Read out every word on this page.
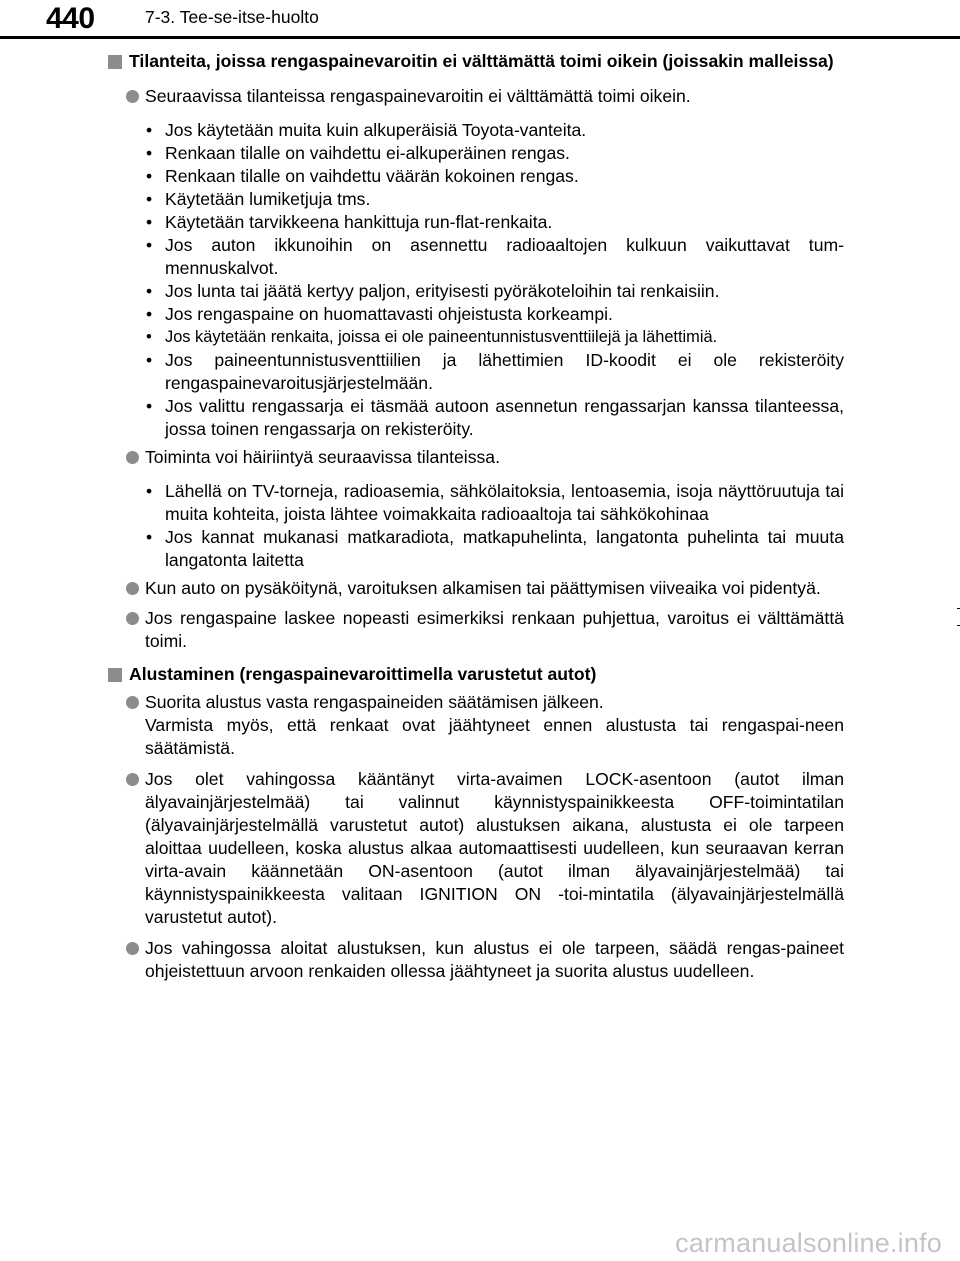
440	7-3. Tee-se-itse-huolto
Tilanteita, joissa rengaspainevaroitin ei välttämättä toimi oikein (joissakin malleissa)
Seuraavissa tilanteissa rengaspainevaroitin ei välttämättä toimi oikein.
• Jos käytetään muita kuin alkuperäisiä Toyota-vanteita.
• Renkaan tilalle on vaihdettu ei-alkuperäinen rengas.
• Renkaan tilalle on vaihdettu väärän kokoinen rengas.
• Käytetään lumiketjuja tms.
• Käytetään tarvikkeena hankittuja run-flat-renkaita.
• Jos auton ikkunoihin on asennettu radioaaltojen kulkuun vaikuttavat tum-mennuskalvot.
• Jos lunta tai jäätä kertyy paljon, erityisesti pyöräkoteloihin tai renkaisiin.
• Jos rengaspaine on huomattavasti ohjeistusta korkeampi.
• Jos käytetään renkaita, joissa ei ole paineentunnistusventtiilejä ja lähettimiä.
• Jos paineentunnistusventtiilien ja lähettimien ID-koodit ei ole rekisteröity rengaspainevaroitusjärjestelmään.
• Jos valittu rengassarja ei täsmää autoon asennetun rengassarjan kanssa tilanteessa, jossa toinen rengassarja on rekisteröity.
Toiminta voi häiriintyä seuraavissa tilanteissa.
• Lähellä on TV-torneja, radioasemia, sähkölaitoksia, lentoasemia, isoja näyttöruutuja tai muita kohteita, joista lähtee voimakkaita radioaaltoja tai sähkökohinaa
• Jos kannat mukanasi matkaradiota, matkapuhelinta, langatonta puhelinta tai muuta langatonta laitetta
Kun auto on pysäköitynä, varoituksen alkamisen tai päättymisen viiveaika voi pidentyä.
Jos rengaspaine laskee nopeasti esimerkiksi renkaan puhjettua, varoitus ei välttämättä toimi.
Alustaminen (rengaspainevaroittimella varustetut autot)
Suorita alustus vasta rengaspaineiden säätämisen jälkeen.
Varmista myös, että renkaat ovat jäähtyneet ennen alustusta tai rengaspai-neen säätämistä.
Jos olet vahingossa kääntänyt virta-avaimen LOCK-asentoon (autot ilman älyavainjärjestelmää) tai valinnut käynnistyspainikkeesta OFF-toimintatilan (älyavainjärjestelmällä varustetut autot) alustuksen aikana, alustusta ei ole tarpeen aloittaa uudelleen, koska alustus alkaa automaattisesti uudelleen, kun seuraavan kerran virta-avain käännetään ON-asentoon (autot ilman älyavainjärjestelmää) tai käynnistyspainikkeesta valitaan IGNITION ON -toi-mintatila (älyavainjärjestelmällä varustetut autot).
Jos vahingossa aloitat alustuksen, kun alustus ei ole tarpeen, säädä rengas-paineet ohjeistettuun arvoon renkaiden ollessa jäähtyneet ja suorita alustus uudelleen.
carmanualsonline.info
